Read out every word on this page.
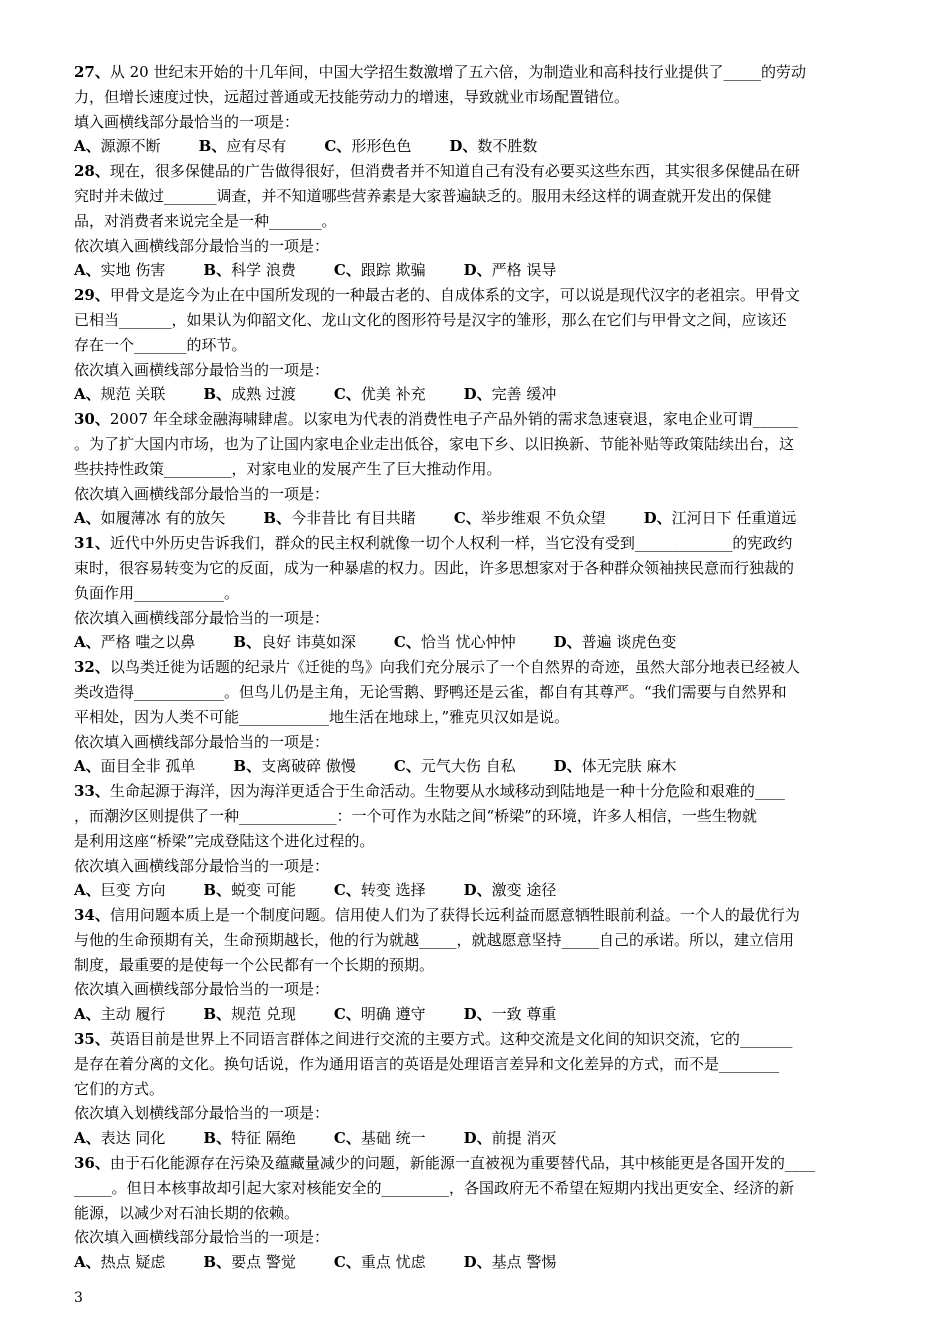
27、从 20 世纪末开始的十几年间，中国大学招生数激增了五六倍，为制造业和高科技行业提供了_____的劳动
力，但增长速度过快，远超过普通或无技能劳动力的增速，导致就业市场配置错位。
填入画横线部分最恰当的一项是：
A、源源不断	B、应有尽有	C、形形色色	D、数不胜数
28、现在，很多保健品的广告做得很好，但消费者并不知道自己有没有必要买这些东西，其实很多保健品在研
究时并未做过_______调查，并不知道哪些营养素是大家普遍缺乏的。服用未经这样的调查就开发出的保健
品，对消费者来说完全是一种_______。
依次填入画横线部分最恰当的一项是：
A、实地 伤害	B、科学 浪费	C、跟踪 欺骗	D、严格 误导
29、甲骨文是迄今为止在中国所发现的一种最古老的、自成体系的文字，可以说是现代汉字的老祖宗。甲骨文
已相当_______，如果认为仰韶文化、龙山文化的图形符号是汉字的雏形，那么在它们与甲骨文之间，应该还
存在一个_______的环节。
依次填入画横线部分最恰当的一项是：
A、规范 关联	B、成熟 过渡	C、优美 补充	D、完善 缓冲
30、2007 年全球金融海啸肆虐。以家电为代表的消费性电子产品外销的需求急速衰退，家电企业可谓______
。为了扩大国内市场，也为了让国内家电企业走出低谷，家电下乡、以旧换新、节能补贴等政策陆续出台，这
些扶持性政策_________，对家电业的发展产生了巨大推动作用。
依次填入画横线部分最恰当的一项是：
A、如履薄冰 有的放矢	B、今非昔比 有目共睹	C、举步维艰 不负众望	D、江河日下 任重道远
31、近代中外历史告诉我们，群众的民主权利就像一切个人权利一样，当它没有受到_____________的宪政约
束时，很容易转变为它的反面，成为一种暴虐的权力。因此，许多思想家对于各种群众领袖挟民意而行独裁的
负面作用____________。
依次填入画横线部分最恰当的一项是：
A、严格 嗤之以鼻	B、良好 讳莫如深	C、恰当 忧心忡忡	D、普遍 谈虎色变
32、以鸟类迁徙为话题的纪录片《迁徙的鸟》向我们充分展示了一个自然界的奇迹，虽然大部分地表已经被人
类改造得____________。但鸟儿仍是主角，无论雪鹅、野鸭还是云雀，都自有其尊严。“我们需要与自然界和
平相处，因为人类不可能____________地生活在地球上，”雅克贝汉如是说。
依次填入画横线部分最恰当的一项是：
A、面目全非 孤单	B、支离破碎 傲慢	C、元气大伤 自私	D、体无完肤 麻木
33、生命起源于海洋，因为海洋更适合于生命活动。生物要从水域移动到陆地是一种十分危险和艰难的____
，而潮汐区则提供了一种_____________：一个可作为水陆之间“桥梁”的环境，许多人相信，一些生物就
是利用这座“桥梁”完成登陆这个进化过程的。
依次填入画横线部分最恰当的一项是：
A、巨变 方向	B、蜕变 可能	C、转变 选择	D、激变 途径
34、信用问题本质上是一个制度问题。信用使人们为了获得长远利益而愿意牺牲眼前利益。一个人的最优行为
与他的生命预期有关，生命预期越长，他的行为就越_____，就越愿意坚持_____自己的承诺。所以，建立信用
制度，最重要的是使每一个公民都有一个长期的预期。
依次填入画横线部分最恰当的一项是：
A、主动 履行	B、规范 兑现	C、明确 遵守	D、一致 尊重
35、英语目前是世界上不同语言群体之间进行交流的主要方式。这种交流是文化间的知识交流，它的_______
是存在着分离的文化。换句话说，作为通用语言的英语是处理语言差异和文化差异的方式，而不是________
它们的方式。
依次填入划横线部分最恰当的一项是：
A、表达 同化	B、特征 隔绝	C、基础 统一	D、前提 消灭
36、由于石化能源存在污染及蕴藏量减少的问题，新能源一直被视为重要替代品，其中核能更是各国开发的____
_____。但日本核事故却引起大家对核能安全的_________，各国政府无不希望在短期内找出更安全、经济的新
能源，以减少对石油长期的依赖。
依次填入画横线部分最恰当的一项是：
A、热点 疑虑	B、要点 警觉	C、重点 忧虑	D、基点 警惕
3
